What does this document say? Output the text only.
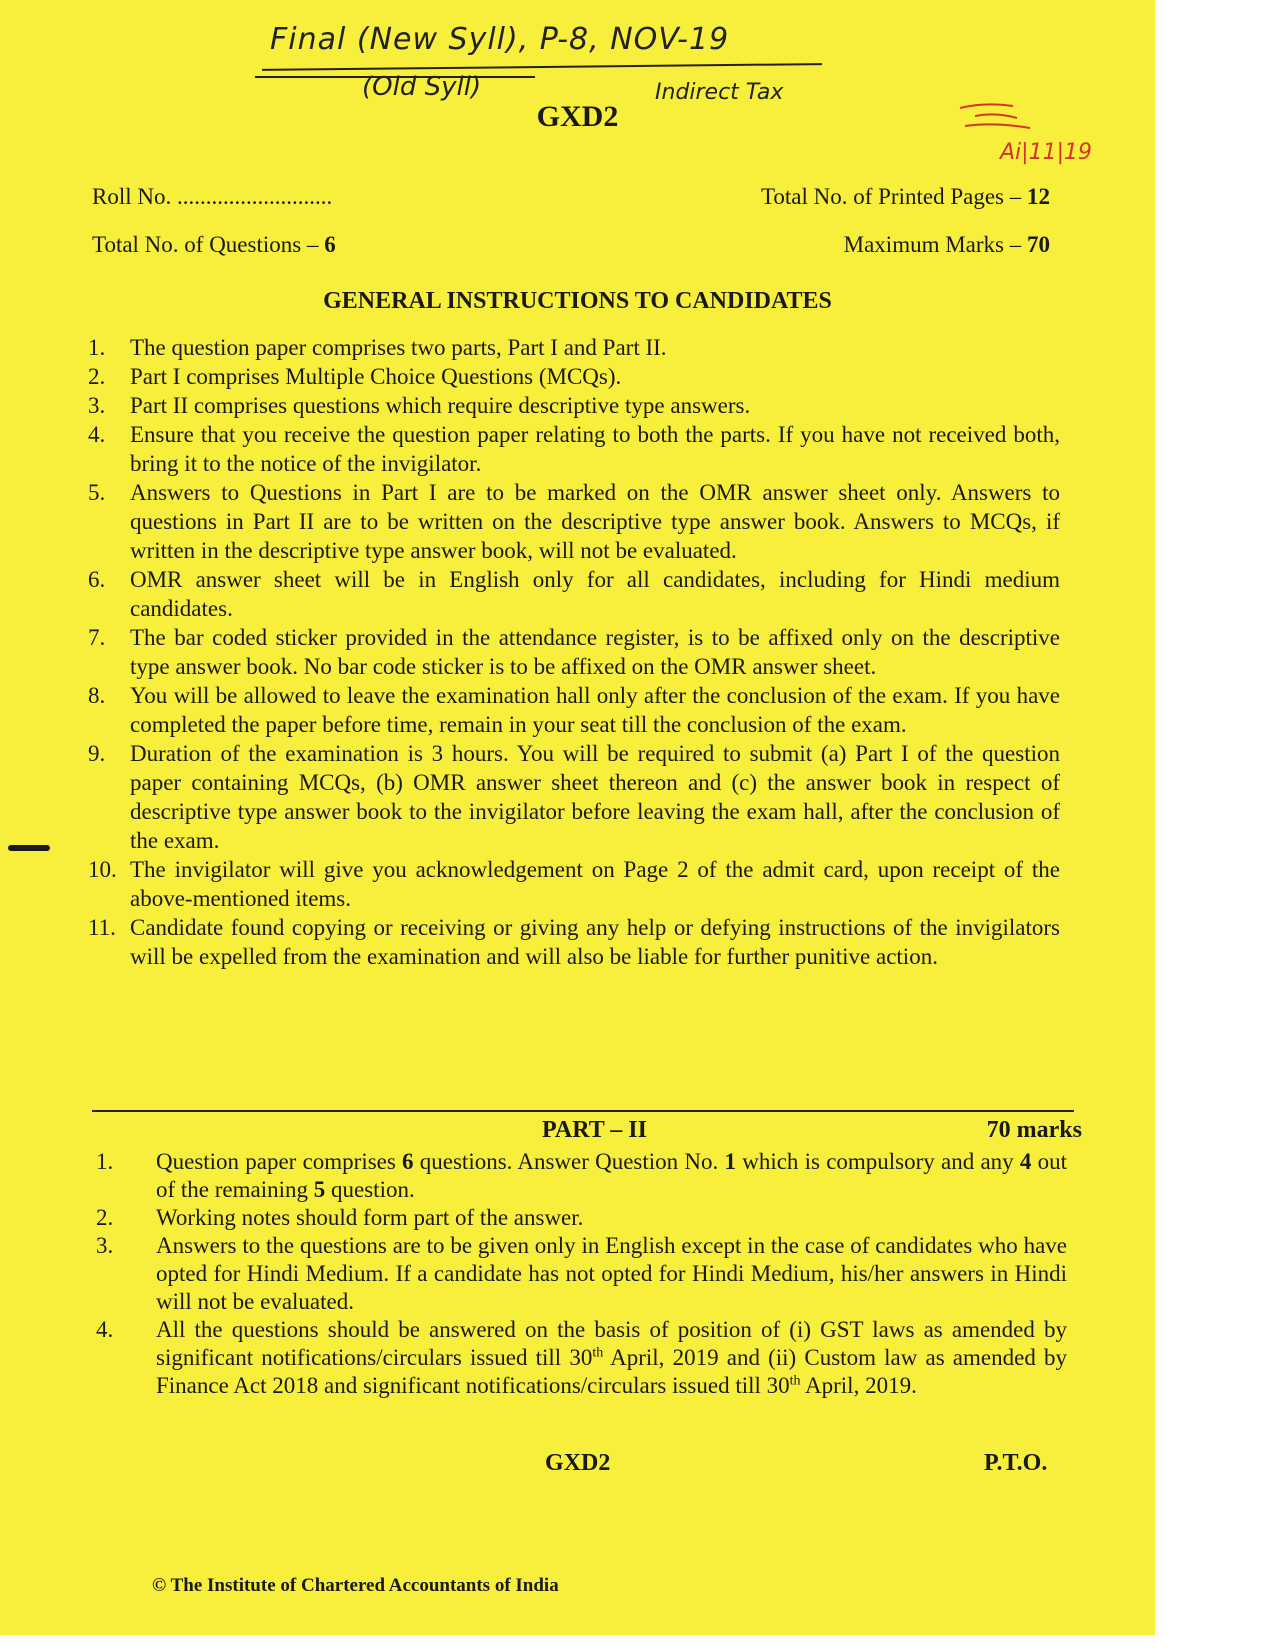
Final (New Syll), P-8, NOV-19
(Old Syll)	Indirect Tax
Ai|11|19
GXD2
Roll No. ...........................	Total No. of Printed Pages – 12
Total No. of Questions – 6	Maximum Marks – 70
GENERAL INSTRUCTIONS TO CANDIDATES
1.	The question paper comprises two parts, Part I and Part II.
2.	Part I comprises Multiple Choice Questions (MCQs).
3.	Part II comprises questions which require descriptive type answers.
4.	Ensure that you receive the question paper relating to both the parts. If you have not received both, bring it to the notice of the invigilator.
5.	Answers to Questions in Part I are to be marked on the OMR answer sheet only. Answers to questions in Part II are to be written on the descriptive type answer book. Answers to MCQs, if written in the descriptive type answer book, will not be evaluated.
6.	OMR answer sheet will be in English only for all candidates, including for Hindi medium candidates.
7.	The bar coded sticker provided in the attendance register, is to be affixed only on the descriptive type answer book. No bar code sticker is to be affixed on the OMR answer sheet.
8.	You will be allowed to leave the examination hall only after the conclusion of the exam. If you have completed the paper before time, remain in your seat till the conclusion of the exam.
9.	Duration of the examination is 3 hours. You will be required to submit (a) Part I of the question paper containing MCQs, (b) OMR answer sheet thereon and (c) the answer book in respect of descriptive type answer book to the invigilator before leaving the exam hall, after the conclusion of the exam.
10. The invigilator will give you acknowledgement on Page 2 of the admit card, upon receipt of the above-mentioned items.
11. Candidate found copying or receiving or giving any help or defying instructions of the invigilators will be expelled from the examination and will also be liable for further punitive action.
PART – II	70 marks
1.	Question paper comprises 6 questions. Answer Question No. 1 which is compulsory and any 4 out of the remaining 5 question.
2.	Working notes should form part of the answer.
3.	Answers to the questions are to be given only in English except in the case of candidates who have opted for Hindi Medium. If a candidate has not opted for Hindi Medium, his/her answers in Hindi will not be evaluated.
4.	All the questions should be answered on the basis of position of (i) GST laws as amended by significant notifications/circulars issued till 30th April, 2019 and (ii) Custom law as amended by Finance Act 2018 and significant notifications/circulars issued till 30th April, 2019.
GXD2	P.T.O.
© The Institute of Chartered Accountants of India
